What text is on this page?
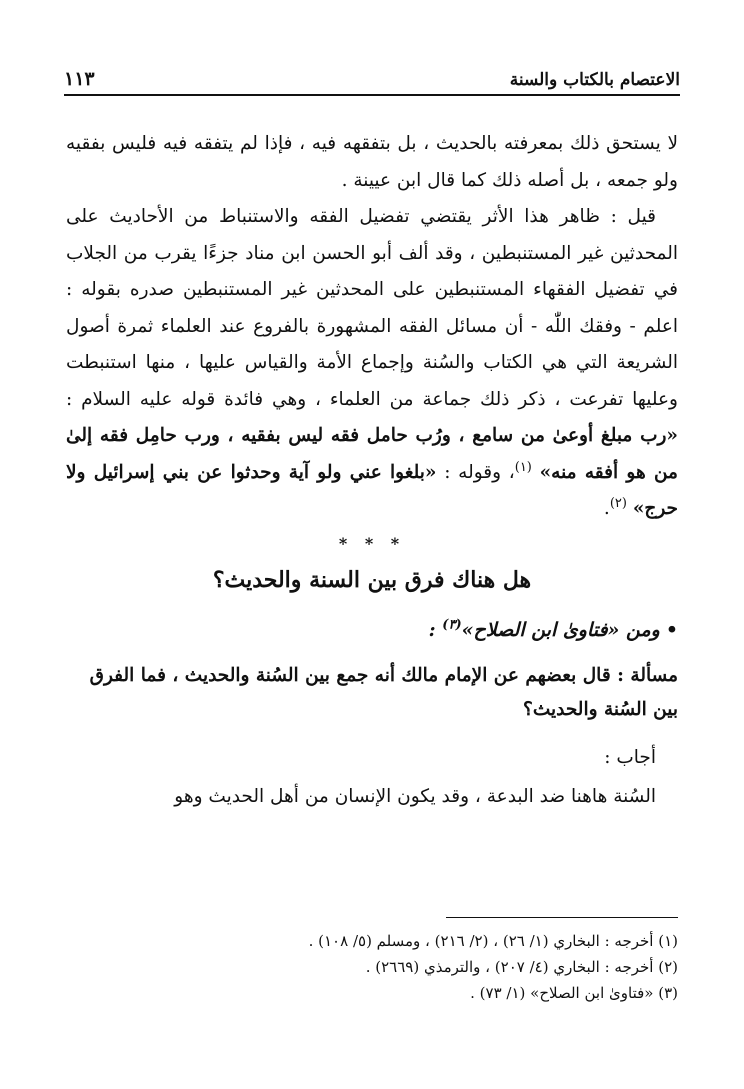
الاعتصام بالكتاب والسنة
١١٣

لا يستحق ذلك بمعرفته بالحديث ، بل بتفقهه فيه ، فإذا لم يتفقه فيه فليس بفقيه ولو جمعه ، بل أصله ذلك كما قال ابن عيينة .

قيل : ظاهر هذا الأثر يقتضي تفضيل الفقه والاستنباط من الأحاديث على المحدثين غير المستنبطين ، وقد ألف أبو الحسن ابن مناد جزءًا يقرب من الجلاب في تفضيل الفقهاء المستنبطين على المحدثين غير المستنبطين صدره بقوله : اعلم - وفقك اللّٰه - أن مسائل الفقه المشهورة بالفروع عند العلماء ثمرة أصول الشريعة التي هي الكتاب والسُنة وإجماع الأمة والقياس عليها ، منها استنبطت وعليها تفرعت ، ذكر ذلك جماعة من العلماء ، وهي فائدة قوله عليه السلام : «رب مبلغ أوعىٰ من سامع ، ورُب حامل فقه ليس بفقيه ، ورب حامِل فقه إلىٰ من هو أفقه منه» $^{(١)}$، وقوله : «بلغوا عني ولو آية وحدثوا عن بني إسرائيل ولا حرج» $^{(٢)}$.

* * *
هل هناك فرق بين السنة والحديث؟

•ومن «فتاوىٰ ابن الصلاح»$^{(٣)}$ :

مسألة : قال بعضهم عن الإمام مالك أنه جمع بين السُنة والحديث ، فما الفرق بين السُنة والحديث؟

أجاب :

السُنة هاهنا ضد البدعة ، وقد يكون الإنسان من أهل الحديث وهو

(١) أخرجه : البخاري (١/ ٢٦) ، (٢/ ٢١٦) ، ومسلم (٥/ ١٠٨) .

(٢) أخرجه : البخاري (٤/ ٢٠٧) ، والترمذي (٢٦٦٩) .

(٣) «فتاوىٰ ابن الصلاح» (١/ ٧٣) .
